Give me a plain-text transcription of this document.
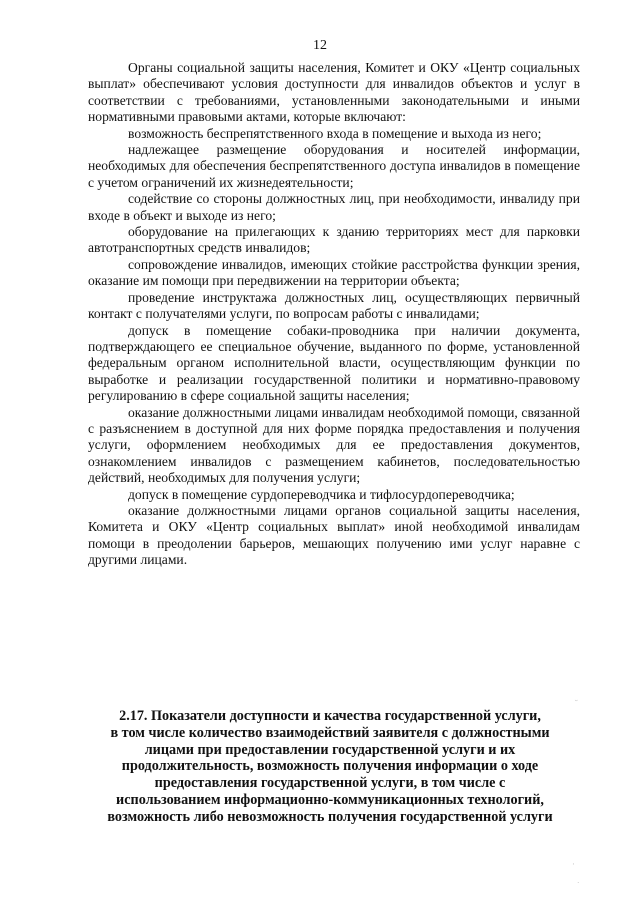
12

Органы социальной защиты населения, Комитет и ОКУ «Центр социальных выплат» обеспечивают условия доступности для инвалидов объектов и услуг в соответствии с требованиями, установленными законодательными и иными нормативными правовыми актами, которые включают:

возможность беспрепятственного входа в помещение и выхода из него;

надлежащее размещение оборудования и носителей информации, необходимых для обеспечения беспрепятственного доступа инвалидов в помещение с учетом ограничений их жизнедеятельности;

содействие со стороны должностных лиц, при необходимости, инвалиду при входе в объект и выходе из него;

оборудование на прилегающих к зданию территориях мест для парковки автотранспортных средств инвалидов;

сопровождение инвалидов, имеющих стойкие расстройства функции зрения, оказание им помощи при передвижении на территории объекта;

проведение инструктажа должностных лиц, осуществляющих первичный контакт с получателями услуги, по вопросам работы с инвалидами;

допуск в помещение собаки-проводника при наличии документа, подтверждающего ее специальное обучение, выданного по форме, установленной федеральным органом исполнительной власти, осуществляющим функции по выработке и реализации государственной политики и нормативно-правовому регулированию в сфере социальной защиты населения;

оказание должностными лицами инвалидам необходимой помощи, связанной с разъяснением в доступной для них форме порядка предоставления и получения услуги, оформлением необходимых для ее предоставления документов, ознакомлением инвалидов с размещением кабинетов, последовательностью действий, необходимых для получения услуги;

допуск в помещение сурдопереводчика и тифлосурдопереводчика;

оказание должностными лицами органов социальной защиты населения, Комитета и ОКУ «Центр социальных выплат» иной необходимой инвалидам помощи в преодолении барьеров, мешающих получению ими услуг наравне с другими лицами.

2.17. Показатели доступности и качества государственной услуги,
в том числе количество взаимодействий заявителя с должностными
лицами при предоставлении государственной услуги и их
продолжительность, возможность получения информации о ходе
предоставления государственной услуги, в том числе с
использованием информационно-коммуникационных технологий,
возможность либо невозможность получения государственной услуги
˘
·
˙
